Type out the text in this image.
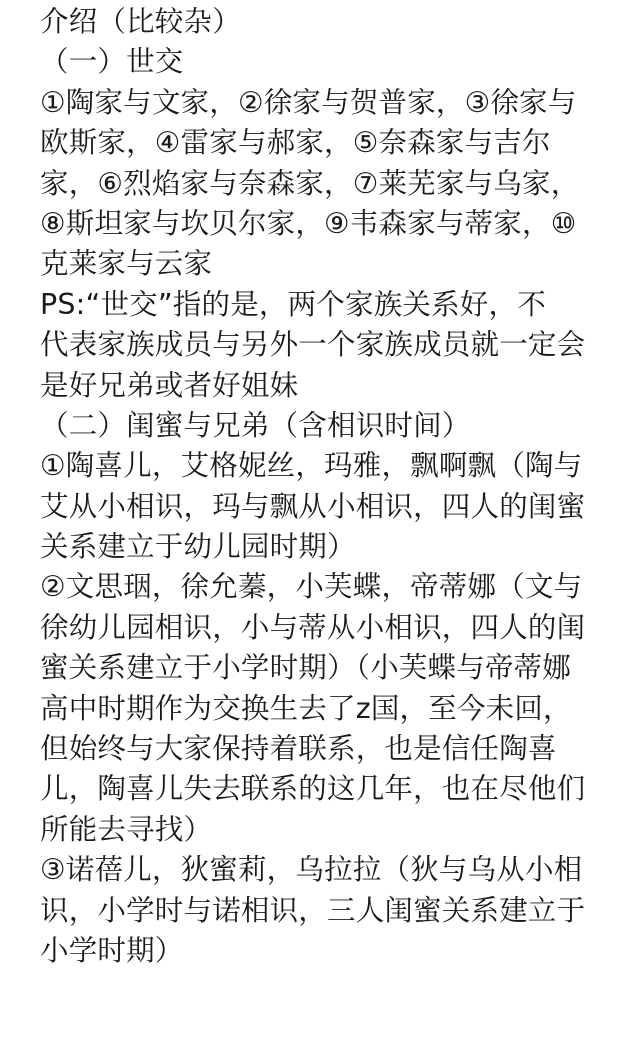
介绍（比较杂）
（一）世交
①陶家与文家，②徐家与贺普家，③徐家与
欧斯家，④雷家与郝家，⑤奈森家与吉尔
家，⑥烈焰家与奈森家，⑦莱芜家与乌家，
⑧斯坦家与坎贝尔家，⑨韦森家与蒂家，⑩
克莱家与云家
PS:“世交”指的是，两个家族关系好，不
代表家族成员与另外一个家族成员就一定会
是好兄弟或者好姐妹
（二）闺蜜与兄弟（含相识时间）
①陶喜儿，艾格妮丝，玛雅，飘啊飘（陶与
艾从小相识，玛与飘从小相识，四人的闺蜜
关系建立于幼儿园时期）
②文思珚，徐允蓁，小芙蝶，帝蒂娜（文与
徐幼儿园相识，小与蒂从小相识，四人的闺
蜜关系建立于小学时期）（小芙蝶与帝蒂娜
高中时期作为交换生去了z国，至今未回，
但始终与大家保持着联系，也是信任陶喜
儿，陶喜儿失去联系的这几年，也在尽他们
所能去寻找）
③诺蓓儿，狄蜜莉，乌拉拉（狄与乌从小相
识，小学时与诺相识，三人闺蜜关系建立于
小学时期）
